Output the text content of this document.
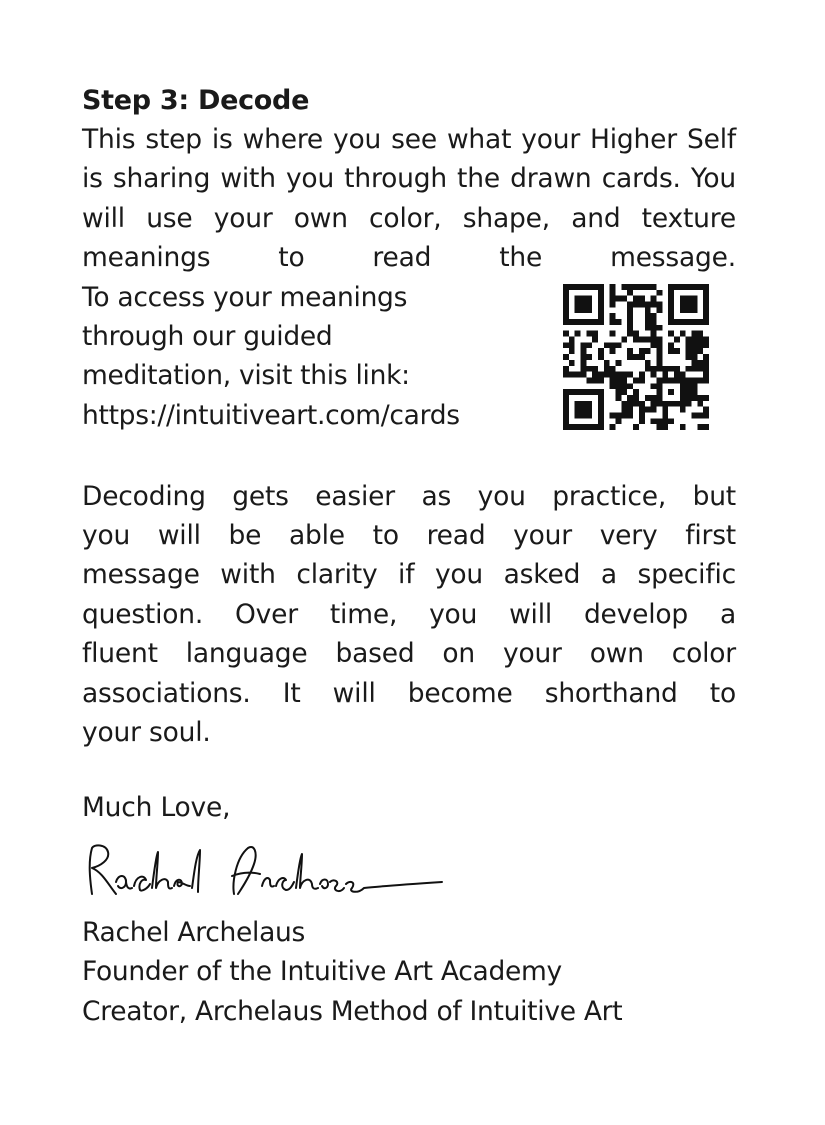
Step 3: Decode

This step is where you see what your Higher Self is sharing with you through the drawn cards. You will use your own color, shape, and texture meanings to read the message.

To access your meanings
through our guided
meditation, visit this link:
https://intuitiveart.com/cards

Decoding gets easier as you practice, but
you will be able to read your very first
message with clarity if you asked a specific
question. Over time, you will develop a
fluent language based on your own color
associations. It will become shorthand to
your soul.

Much Love,

Rachel Archelaus
Founder of the Intuitive Art Academy
Creator, Archelaus Method of Intuitive Art
